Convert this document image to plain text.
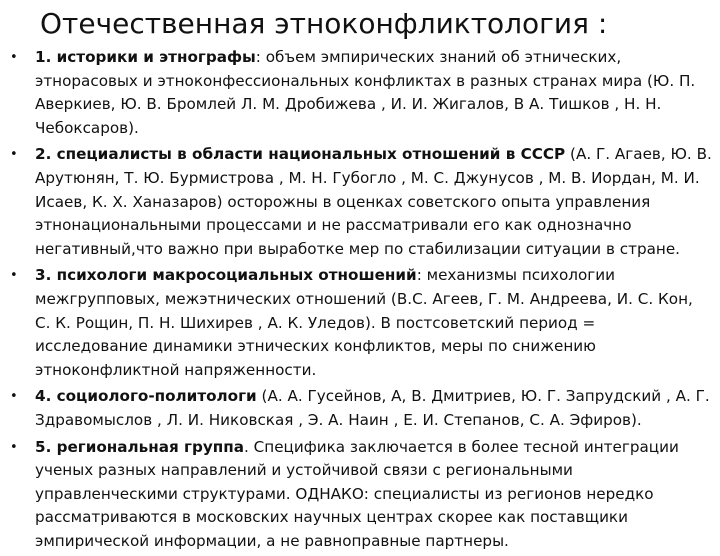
Отечественная этноконфликтология :
• 1. историки и этнографы: объем эмпирических знаний об этнических, этнорасовых и этноконфессиональных конфликтах в разных странах мира (Ю. П. Аверкиев, Ю. В. Бромлей Л. М. Дробижева , И. И. Жигалов, В А. Тишков , Н. Н. Чебоксаров).
• 2. специалисты в области национальных отношений в СССР (А. Г. Агаев, Ю. В. Арутюнян, Т. Ю. Бурмистрова , М. Н. Губогло , М. С. Джунусов , М. В. Иордан, М. И. Исаев, К. Х. Ханазаров) осторожны в оценках советского опыта управления этнонациональными процессами и не рассматривали его как однозначно негативный,что важно при выработке мер по стабилизации ситуации в стране.
• 3. психологи макросоциальных отношений: механизмы психологии межгрупповых, межэтнических отношений (В.С. Агеев, Г. М. Андреева, И. С. Кон, С. К. Рощин, П. Н. Шихирев , А. К. Уледов). В постсоветский период = исследование динамики этнических конфликтов, меры по снижению этноконфликтной напряженности.
• 4. социолого-политологи (А. А. Гусейнов, А, В. Дмитриев, Ю. Г. Запрудский , А. Г. Здравомыслов , Л. И. Никовская , Э. А. Наин , Е. И. Степанов, С. А. Эфиров).
• 5. региональная группа. Специфика заключается в более тесной интеграции ученых разных направлений и устойчивой связи с региональными управленческими структурами. ОДНАКО: специалисты из регионов нередко рассматриваются в московских научных центрах скорее как поставщики эмпирической информации, а не равноправные партнеры.
